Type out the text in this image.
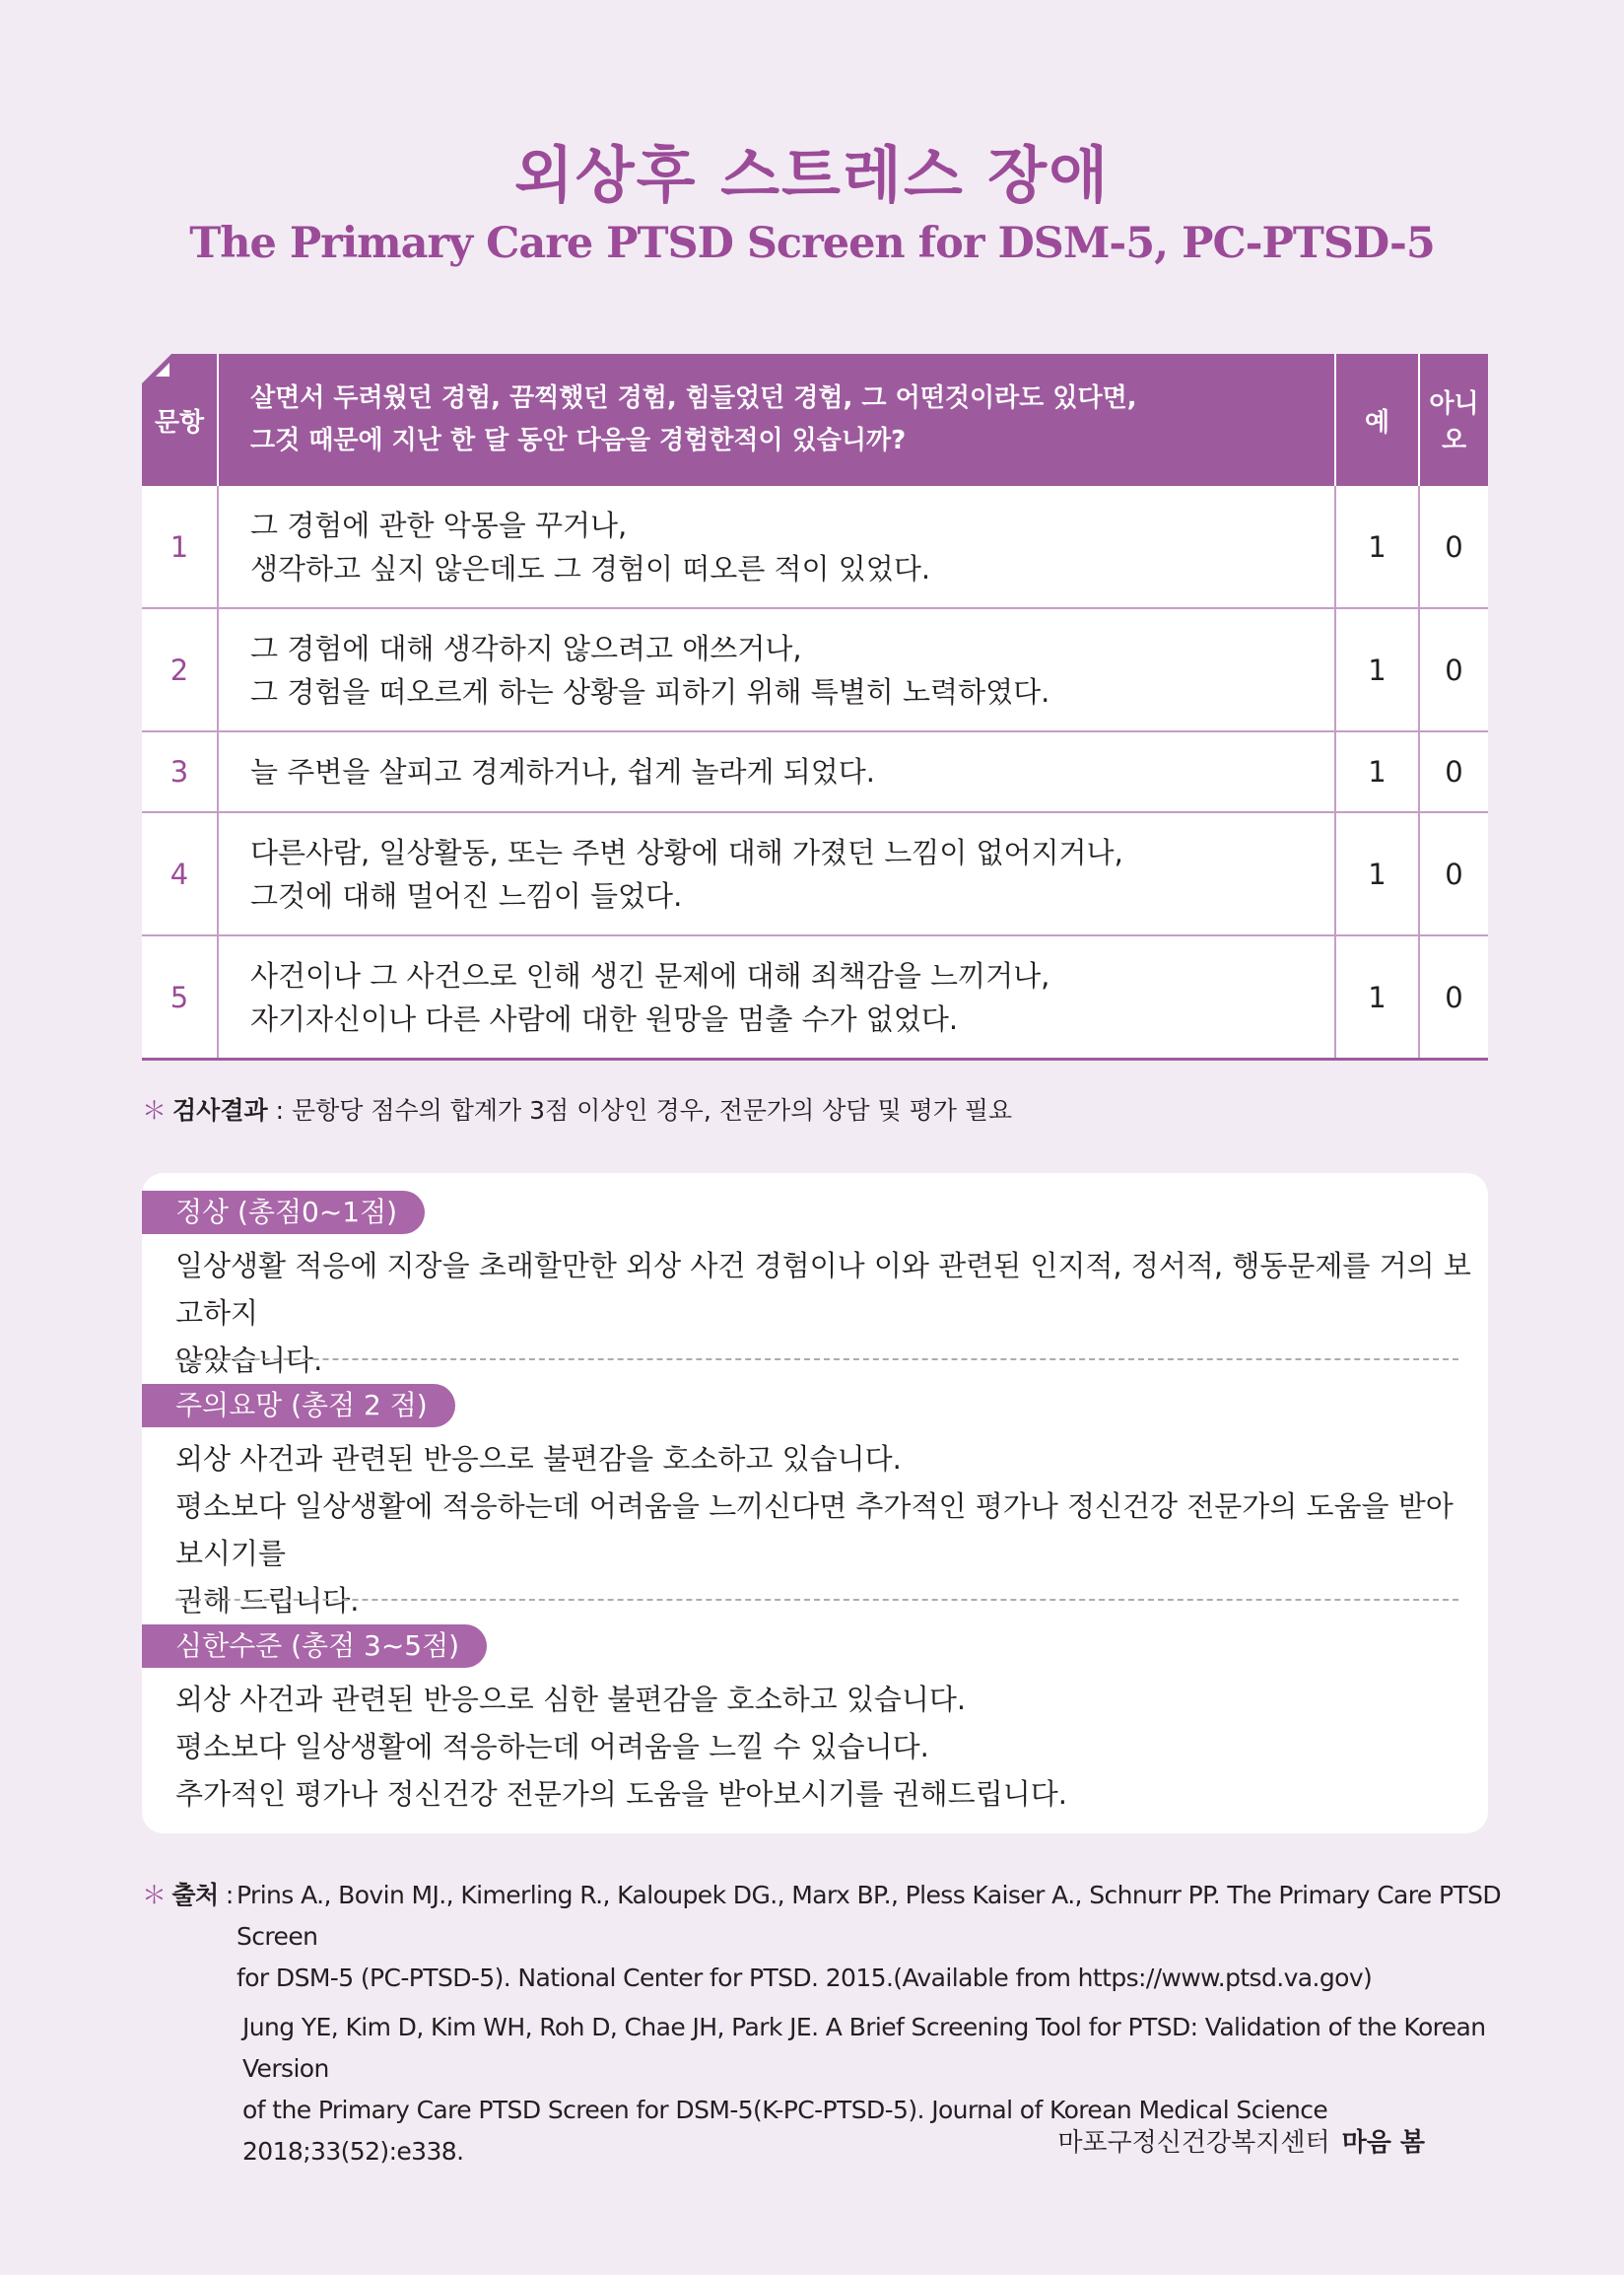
외상후 스트레스 장애
The Primary Care PTSD Screen for DSM-5, PC-PTSD-5
문항	살면서 두려웠던 경험, 끔찍했던 경험, 힘들었던 경험, 그 어떤것이라도 있다면,
그것 때문에 지난 한 달 동안 다음을 경험한적이 있습니까?	예	아니오
1	그 경험에 관한 악몽을 꾸거나,
생각하고 싶지 않은데도 그 경험이 떠오른 적이 있었다.	1	0
2	그 경험에 대해 생각하지 않으려고 애쓰거나,
그 경험을 떠오르게 하는 상황을 피하기 위해 특별히 노력하였다.	1	0
3	늘 주변을 살피고 경계하거나, 쉽게 놀라게 되었다.	1	0
4	다른사람, 일상활동, 또는 주변 상황에 대해 가졌던 느낌이 없어지거나,
그것에 대해 멀어진 느낌이 들었다.	1	0
5	사건이나 그 사건으로 인해 생긴 문제에 대해 죄책감을 느끼거나,
자기자신이나 다른 사람에 대한 원망을 멈출 수가 없었다.	1	0
＊ 검사결과 : 문항당 점수의 합계가 3점 이상인 경우, 전문가의 상담 및 평가 필요
정상 (총점0~1점)
일상생활 적응에 지장을 초래할만한 외상 사건 경험이나 이와 관련된 인지적, 정서적, 행동문제를 거의 보고하지
않았습니다.
주의요망 (총점 2 점)
외상 사건과 관련된 반응으로 불편감을 호소하고 있습니다.
평소보다 일상생활에 적응하는데 어려움을 느끼신다면 추가적인 평가나 정신건강 전문가의 도움을 받아보시기를
권해 드립니다.
심한수준 (총점 3~5점)
외상 사건과 관련된 반응으로 심한 불편감을 호소하고 있습니다.
평소보다 일상생활에 적응하는데 어려움을 느낄 수 있습니다.
추가적인 평가나 정신건강 전문가의 도움을 받아보시기를 권해드립니다.
＊ 출처 : Prins A., Bovin MJ., Kimerling R., Kaloupek DG., Marx BP., Pless Kaiser A., Schnurr PP. The Primary Care PTSD Screen
for DSM-5 (PC-PTSD-5). National Center for PTSD. 2015.(Available from https://www.ptsd.va.gov)
Jung YE, Kim D, Kim WH, Roh D, Chae JH, Park JE. A Brief Screening Tool for PTSD: Validation of the Korean Version
of the Primary Care PTSD Screen for DSM-5(K-PC-PTSD-5). Journal of Korean Medical Science 2018;33(52):e338.	마포구정신건강복지센터 마음 봄
